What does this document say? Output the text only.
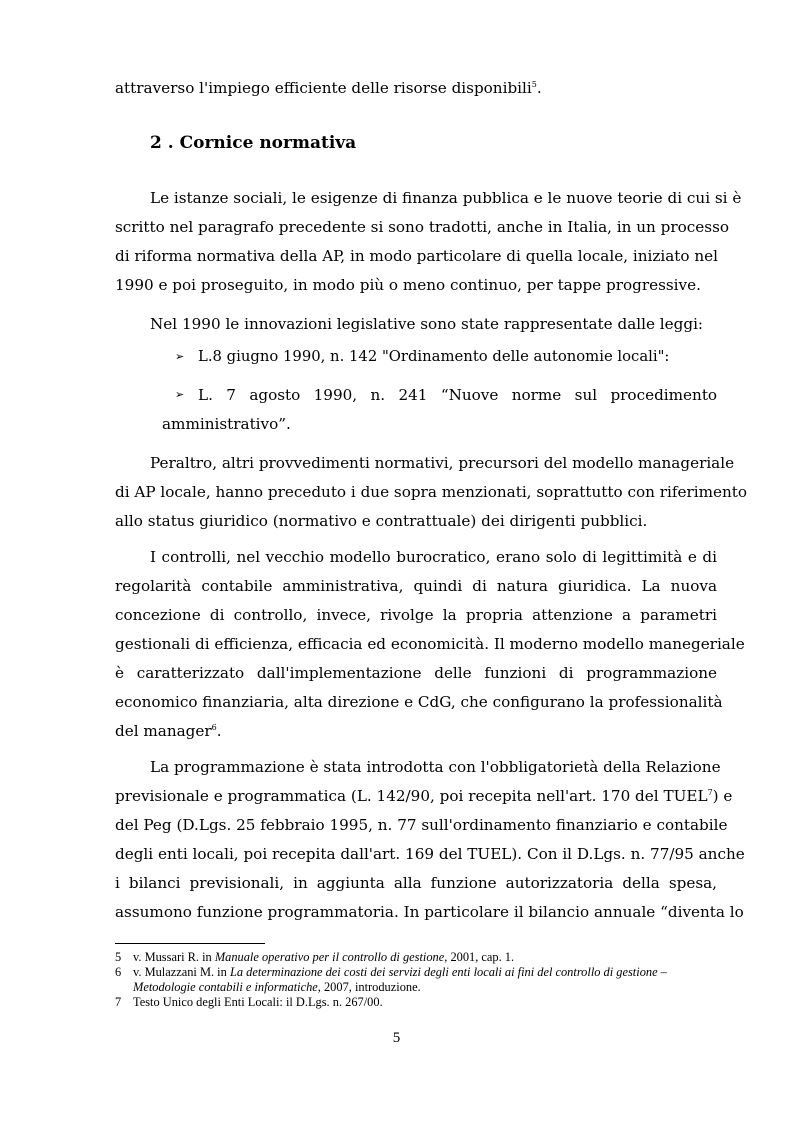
attraverso l'impiego efficiente delle risorse disponibili$^5$.
2 . Cornice normativa
Le istanze sociali, le esigenze di finanza pubblica e le nuove teorie di cui si è
scritto nel paragrafo precedente si sono tradotti, anche in Italia, in un processo
di riforma normativa della AP, in modo particolare di quella locale, iniziato nel
1990 e poi proseguito, in modo più o meno continuo, per tappe progressive.
Nel 1990 le innovazioni legislative sono state rappresentate dalle leggi:
➢ L.8 giugno 1990, n. 142 "Ordinamento delle autonomie locali":
➢ L. 7 agosto 1990, n. 241 “Nuove norme sul procedimento
amministrativo”.
Peraltro, altri provvedimenti normativi, precursori del modello manageriale
di AP locale, hanno preceduto i due sopra menzionati, soprattutto con riferimento
allo status giuridico (normativo e contrattuale) dei dirigenti pubblici.
I controlli, nel vecchio modello burocratico, erano solo di legittimità e di
regolarità contabile amministrativa, quindi di natura giuridica. La nuova
concezione di controllo, invece, rivolge la propria attenzione a parametri
gestionali di efficienza, efficacia ed economicità. Il moderno modello manegeriale
è caratterizzato dall'implementazione delle funzioni di programmazione
economico finanziaria, alta direzione e CdG, che configurano la professionalità
del manager$^6$.
La programmazione è stata introdotta con l'obbligatorietà della Relazione
previsionale e programmatica (L. 142/90, poi recepita nell'art. 170 del TUEL$^7$) e
del Peg (D.Lgs. 25 febbraio 1995, n. 77 sull'ordinamento finanziario e contabile
degli enti locali, poi recepita dall'art. 169 del TUEL). Con il D.Lgs. n. 77/95 anche
i bilanci previsionali, in aggiunta alla funzione autorizzatoria della spesa,
assumono funzione programmatoria. In particolare il bilancio annuale “diventa lo
5 v. Mussari R. in Manuale operativo per il controllo di gestione, 2001, cap. 1.
6 v. Mulazzani M. in La determinazione dei costi dei servizi degli enti locali ai fini del controllo di gestione –
Metodologie contabili e informatiche, 2007, introduzione.
7 Testo Unico degli Enti Locali: il D.Lgs. n. 267/00.
5
